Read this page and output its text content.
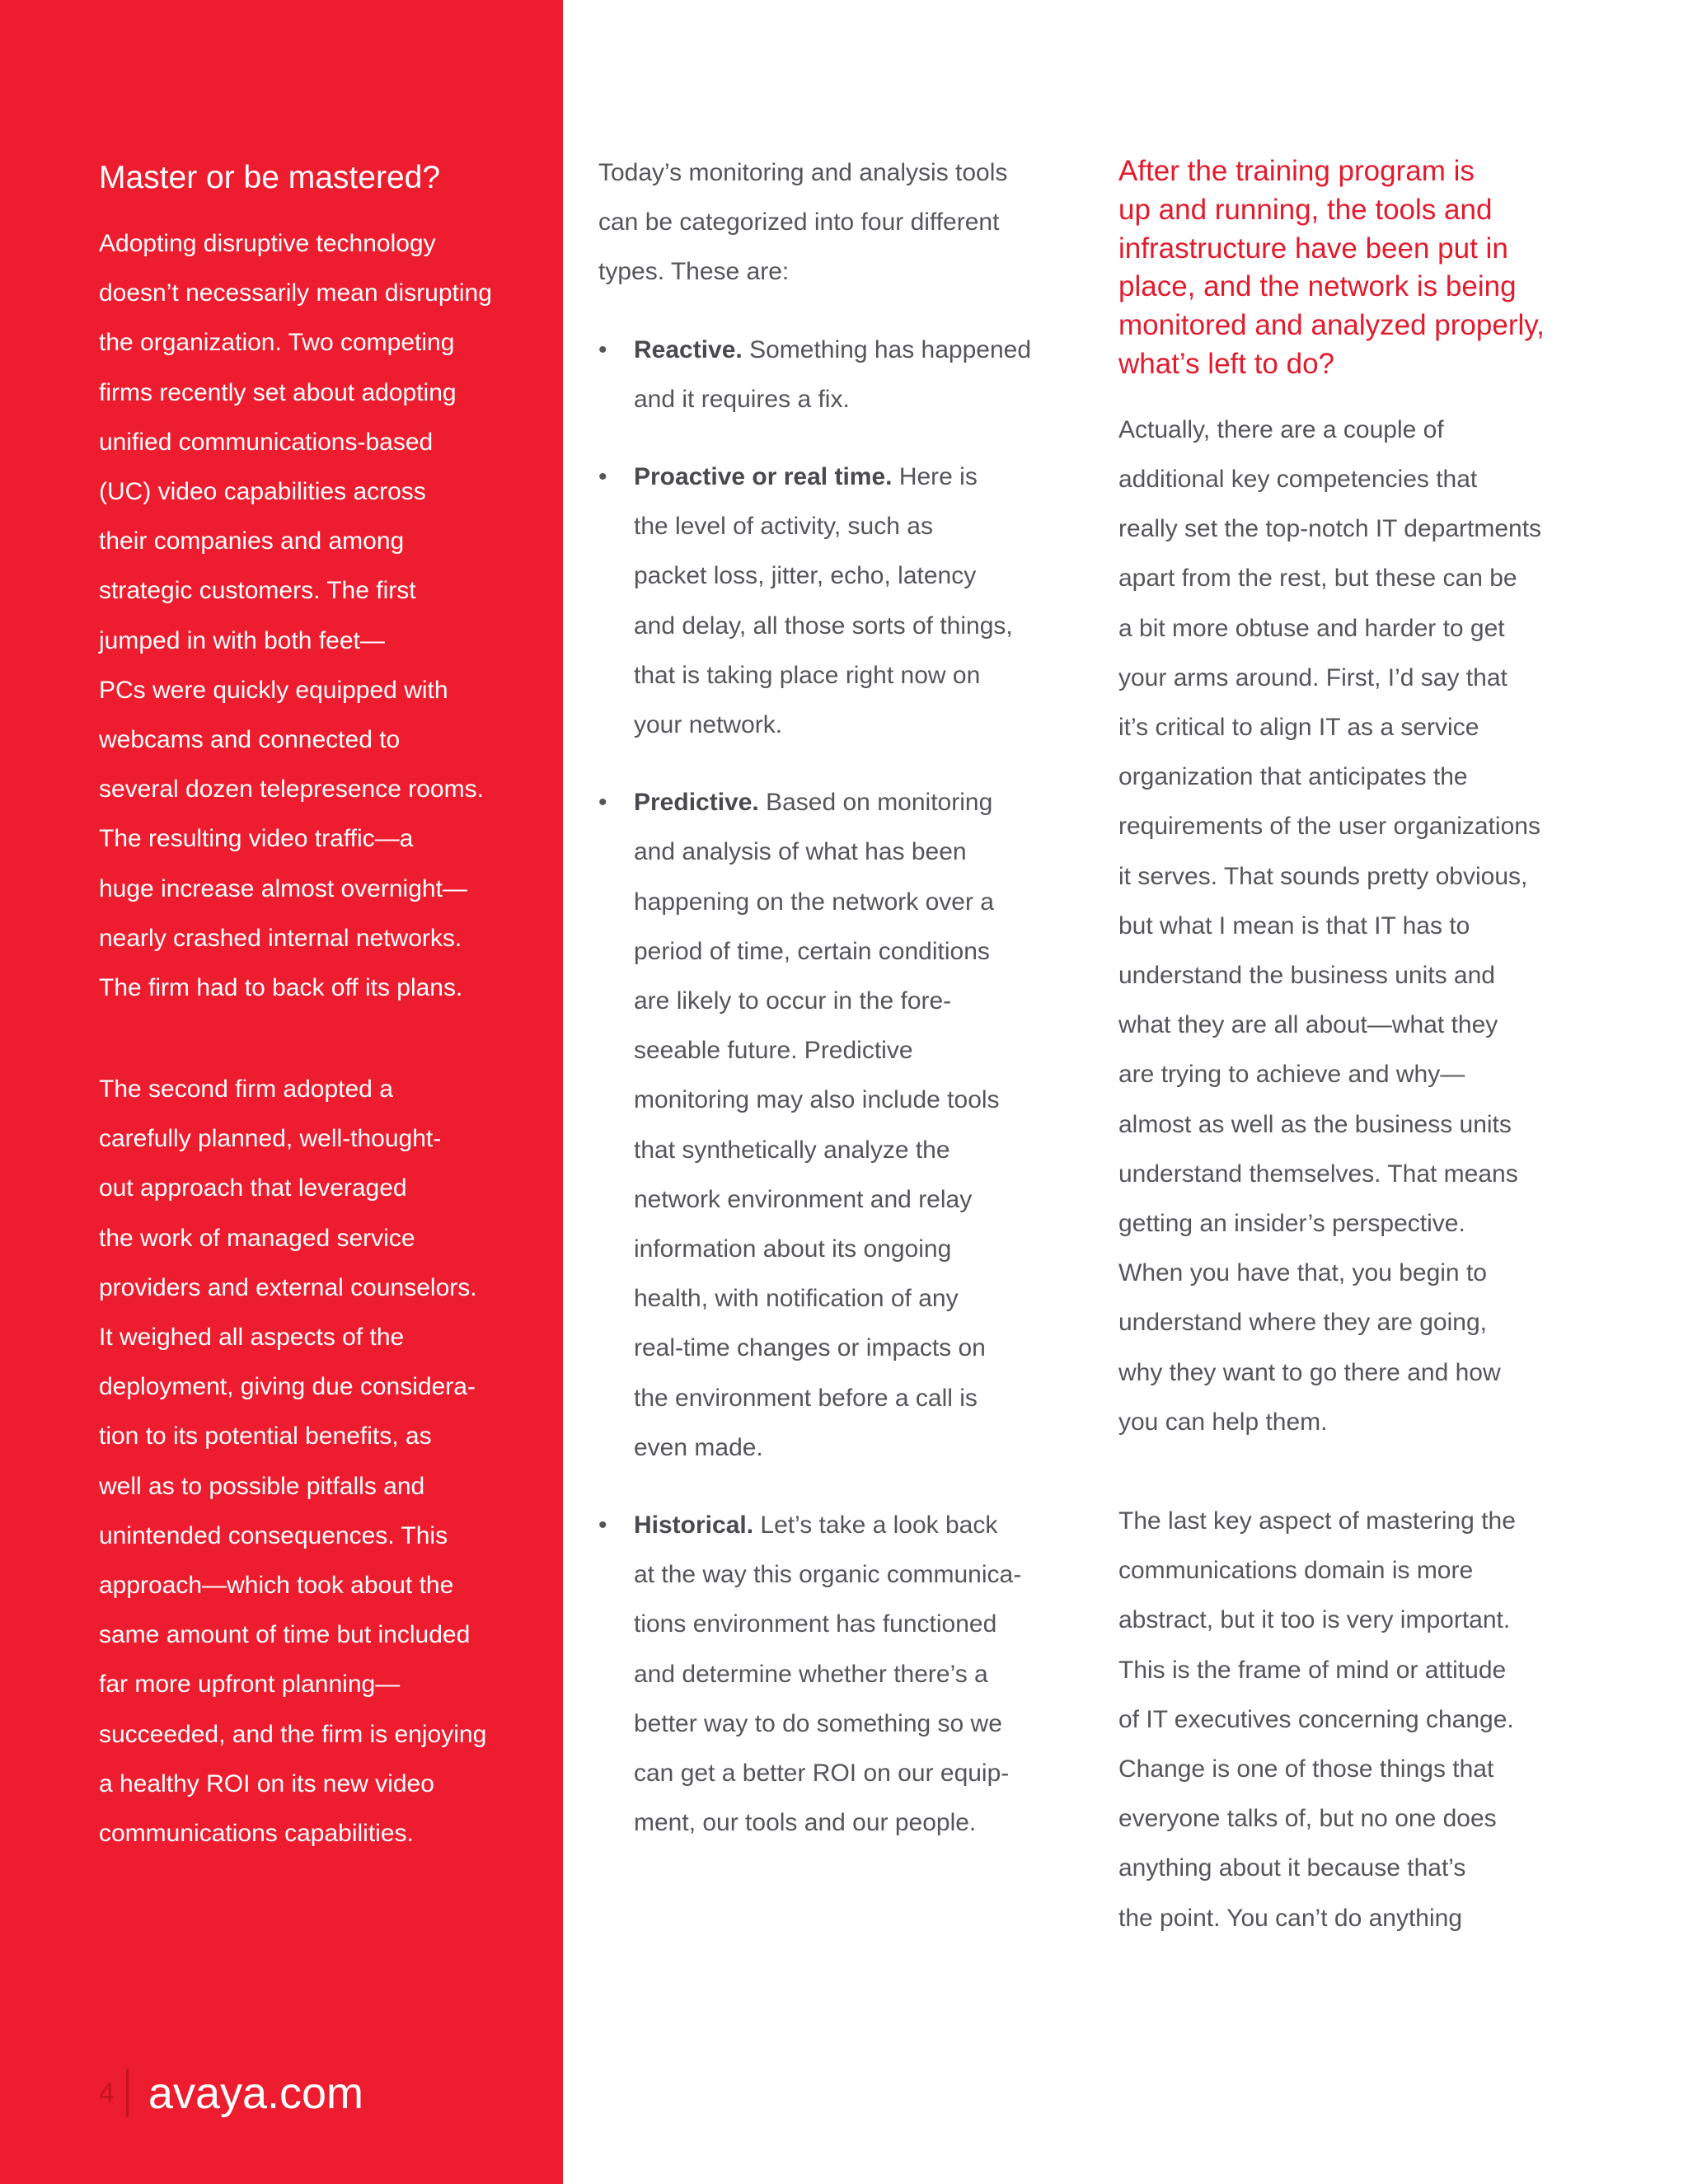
Master or be mastered?

Adopting disruptive technology
doesn’t necessarily mean disrupting
the organization. Two competing
firms recently set about adopting
unified communications-based
(UC) video capabilities across
their companies and among
strategic customers. The first
jumped in with both feet—
PCs were quickly equipped with
webcams and connected to
several dozen telepresence rooms.
The resulting video traffic—a
huge increase almost overnight—
nearly crashed internal networks.
The firm had to back off its plans.

The second firm adopted a
carefully planned, well-thought-
out approach that leveraged
the work of managed service
providers and external counselors.
It weighed all aspects of the
deployment, giving due considera-
tion to its potential benefits, as
well as to possible pitfalls and
unintended consequences. This
approach—which took about the
same amount of time but included
far more upfront planning—
succeeded, and the firm is enjoying
a healthy ROI on its new video
communications capabilities.

4 avaya.com

Today’s monitoring and analysis tools
can be categorized into four different
types. These are:

• Reactive. Something has happened
and it requires a fix.
• Proactive or real time. Here is
the level of activity, such as
packet loss, jitter, echo, latency
and delay, all those sorts of things,
that is taking place right now on
your network.
• Predictive. Based on monitoring
and analysis of what has been
happening on the network over a
period of time, certain conditions
are likely to occur in the fore-
seeable future. Predictive
monitoring may also include tools
that synthetically analyze the
network environment and relay
information about its ongoing
health, with notification of any
real-time changes or impacts on
the environment before a call is
even made.
• Historical. Let’s take a look back
at the way this organic communica-
tions environment has functioned
and determine whether there’s a
better way to do something so we
can get a better ROI on our equip-
ment, our tools and our people.
After the training program is
up and running, the tools and
infrastructure have been put in
place, and the network is being
monitored and analyzed properly,
what’s left to do?

Actually, there are a couple of
additional key competencies that
really set the top-notch IT departments
apart from the rest, but these can be
a bit more obtuse and harder to get
your arms around. First, I’d say that
it’s critical to align IT as a service
organization that anticipates the
requirements of the user organizations
it serves. That sounds pretty obvious,
but what I mean is that IT has to
understand the business units and
what they are all about—what they
are trying to achieve and why—
almost as well as the business units
understand themselves. That means
getting an insider’s perspective.
When you have that, you begin to
understand where they are going,
why they want to go there and how
you can help them.

The last key aspect of mastering the
communications domain is more
abstract, but it too is very important.
This is the frame of mind or attitude
of IT executives concerning change.
Change is one of those things that
everyone talks of, but no one does
anything about it because that’s
the point. You can’t do anything
